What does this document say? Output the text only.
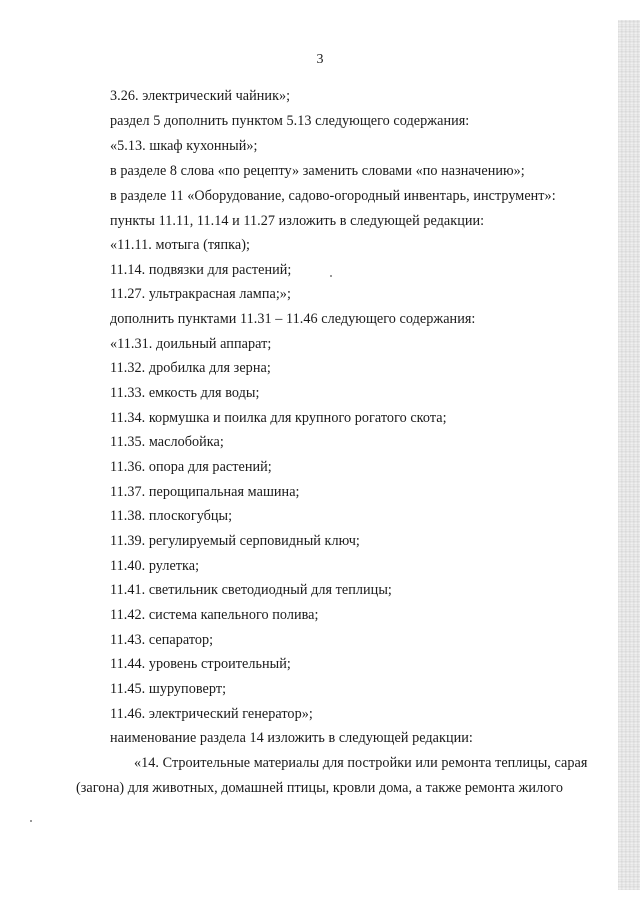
3
3.26. электрический чайник»;
раздел 5 дополнить пунктом 5.13 следующего содержания:
«5.13. шкаф кухонный»;
в разделе 8 слова «по рецепту» заменить словами «по назначению»;
в разделе 11 «Оборудование, садово-огородный инвентарь, инструмент»:
пункты 11.11, 11.14 и 11.27 изложить в следующей редакции:
«11.11. мотыга (тяпка);
11.14. подвязки для растений;
11.27. ультракрасная лампа;»;
дополнить пунктами 11.31 – 11.46 следующего содержания:
«11.31. доильный аппарат;
11.32. дробилка для зерна;
11.33. емкость для воды;
11.34. кормушка и поилка для крупного рогатого скота;
11.35. маслобойка;
11.36. опора для растений;
11.37. перощипальная машина;
11.38. плоскогубцы;
11.39. регулируемый серповидный ключ;
11.40. рулетка;
11.41. светильник светодиодный для теплицы;
11.42. система капельного полива;
11.43. сепаратор;
11.44. уровень строительный;
11.45. шуруповерт;
11.46. электрический генератор»;
наименование раздела 14 изложить в следующей редакции:
«14. Строительные материалы для постройки или ремонта теплицы, сарая
(загона) для животных, домашней птицы, кровли дома, а также ремонта жилого
